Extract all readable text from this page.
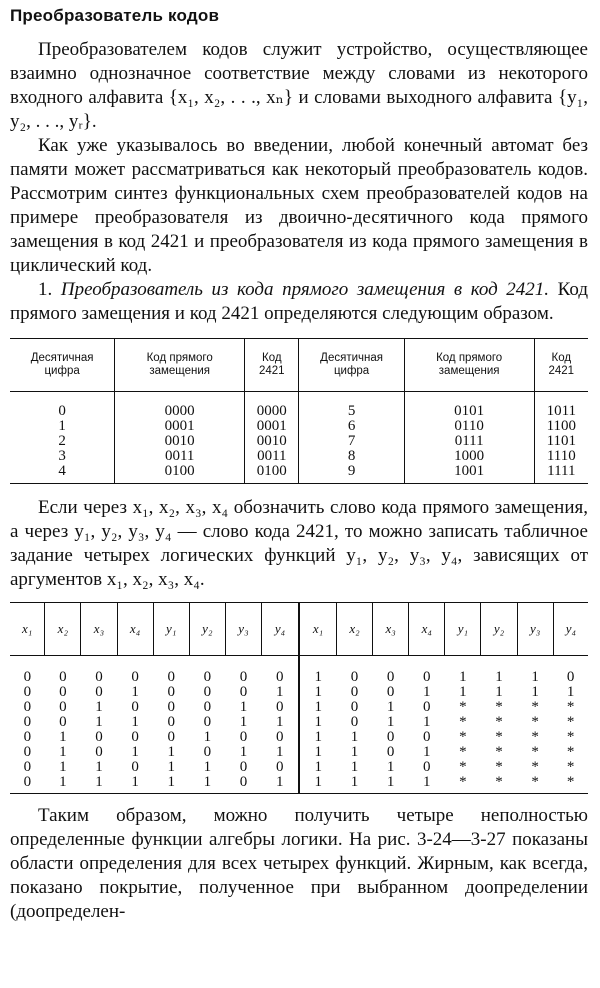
Преобразователь кодов

Преобразователем кодов служит устройство, осуществляющее взаимно однозначное соответствие между словами из некоторого входного алфавита {x₁, x₂, . . ., xₙ} и словами выходного алфавита {y₁, y₂, . . ., yᵣ}.

Как уже указывалось во введении, любой конечный автомат без памяти может рассматриваться как некоторый преобразователь кодов. Рассмотрим синтез функциональных схем преобразователей кодов на примере преобразователя из двоично-десятичного кода прямого замещения в код 2421 и преобразователя из кода прямого замещения в циклический код.

1. Преобразователь из кода прямого замещения в код 2421. Код прямого замещения и код 2421 определяются следующим образом.

Десятичная цифра	Код прямого замещения	Код 2421	Десятичная цифра	Код прямого замещения	Код 2421
0	0000	0000	5	0101	1011
1	0001	0001	6	0110	1100
2	0010	0010	7	0111	1101
3	0011	0011	8	1000	1110
4	0100	0100	9	1001	1111

Если через x₁, x₂, x₃, x₄ обозначить слово кода прямого замещения, а через y₁, y₂, y₃, y₄ — слово кода 2421, то можно записать табличное задание четырех логических функций y₁, y₂, y₃, y₄, зависящих от аргументов x₁, x₂, x₃, x₄.

x₁	x₂	x₃	x₄	y₁	y₂	y₃	y₄	x₁	x₂	x₃	x₄	y₁	y₂	y₃	y₄
0	0	0	0	0	0	0	0	1	0	0	0	1	1	1	0
0	0	0	1	0	0	0	1	1	0	0	1	1	1	1	1
0	0	1	0	0	0	1	0	1	0	1	0	*	*	*	*
0	0	1	1	0	0	1	1	1	0	1	1	*	*	*	*
0	1	0	0	0	1	0	0	1	1	0	0	*	*	*	*
0	1	0	1	1	0	1	1	1	1	0	1	*	*	*	*
0	1	1	0	1	1	0	0	1	1	1	0	*	*	*	*
0	1	1	1	1	1	0	1	1	1	1	1	*	*	*	*

Таким образом, можно получить четыре неполностью определенные функции алгебры логики. На рис. 3-24—3-27 показаны области определения для всех четырех функций. Жирным, как всегда, показано покрытие, полученное при выбранном доопределении (доопределен-
